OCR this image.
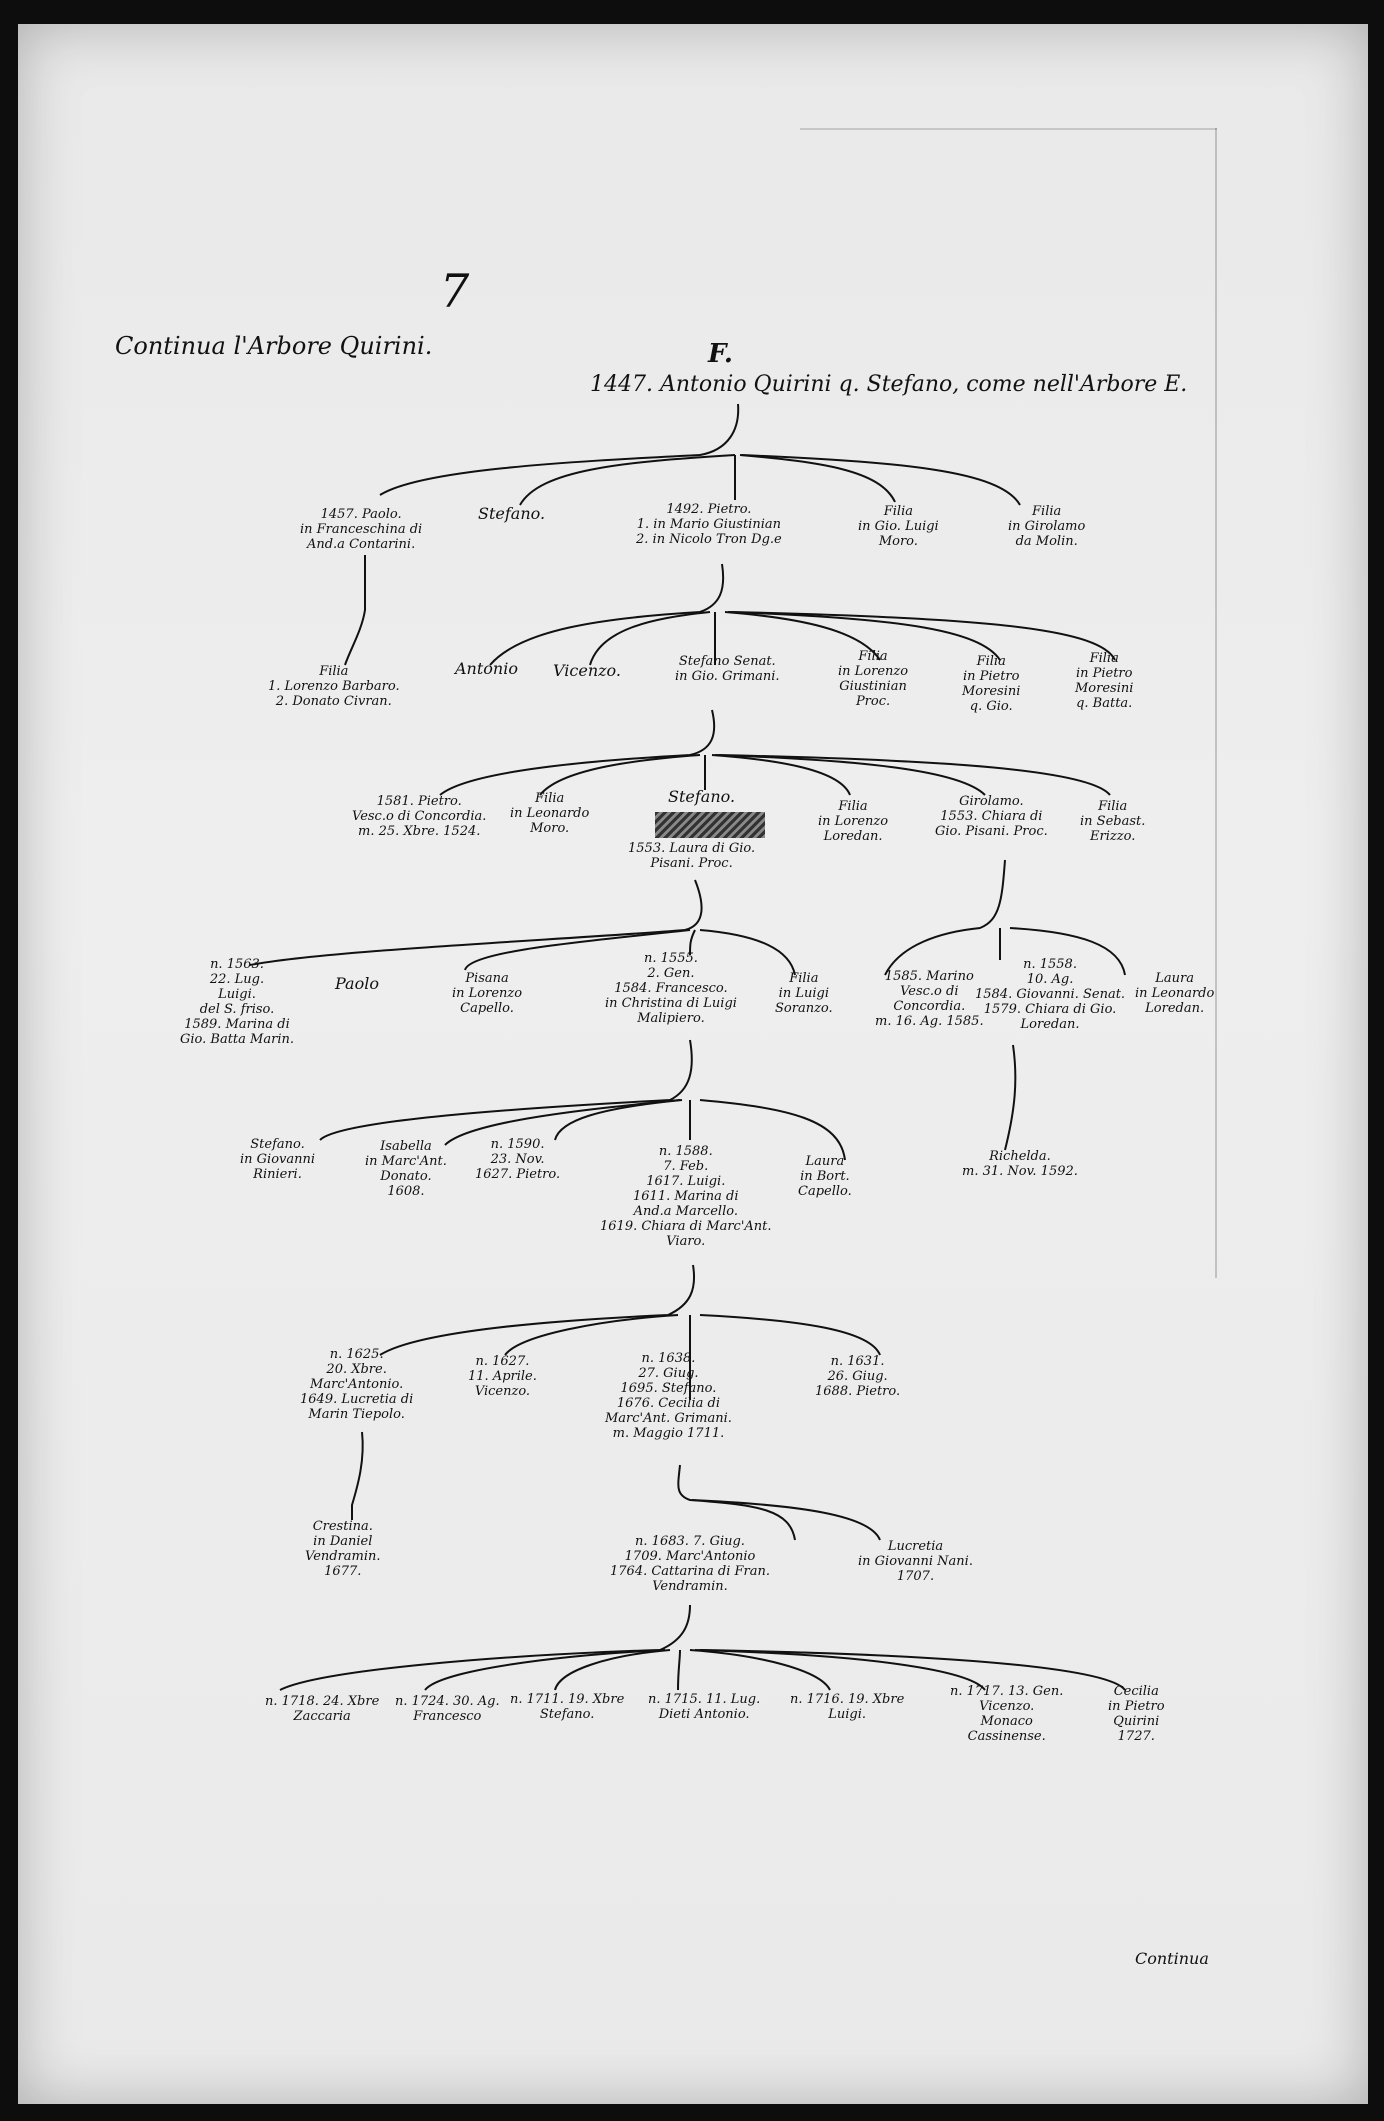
7
Continua l'Arbore Quirini.	F.
1447. Antonio Quirini q. Stefano, come nell'Arbore E.
1457. Paolo.
in Franceschina di
And.a Contarini.
Stefano.	1492. Pietro.
1. in Mario Giustinian
2. in Nicolo Tron Dg.e
Filia
in Gio. Luigi
Moro.
Filia
in Girolamo
da Molin.
Filia
1. Lorenzo Barbaro.
2. Donato Civran.
Antonio Vicenzo.	Stefano Senat.
in Gio. Grimani.
Filia
in Lorenzo
Giustinian
Proc.
Filia
in Pietro
Moresini
q. Gio.
Filia
in Pietro
Moresini
q. Batta.
1581. Pietro.
Vesc.o di Concordia.
m. 25. Xbre. 1524.
Filia
in Leonardo
Moro.
Stefano.
1553. Laura di Gio.
Pisani. Proc.
Filia
in Lorenzo
Loredan.
Girolamo.
1553. Chiara di
Gio. Pisani. Proc.
Filia
in Sebast.
Erizzo.
n. 1563.
22. Lug.
Luigi.
del S. friso.
1589. Marina di
Gio. Batta Marin.
Paolo	Pisana
in Lorenzo
Capello.
n. 1555.
2. Gen.
1584. Francesco.
in Christina di Luigi
Malipiero.
Filia
in Luigi
Soranzo.
1585. Marino
Vesc.o di
Concordia.
m. 16. Ag. 1585.
n. 1558.
10. Ag.
1584. Giovanni. Senat.
1579. Chiara di Gio.
Loredan.
Laura
in Leonardo
Loredan.
Stefano.
in Giovanni
Rinieri.
Isabella
in Marc'Ant.
Donato.
1608.
n. 1590.
23. Nov.
1627. Pietro.
n. 1588.
7. Feb.
1617. Luigi.
1611. Marina di
And.a Marcello.
1619. Chiara di Marc'Ant.
Viaro.
Laura
in Bort.
Capello.
Richelda.
m. 31. Nov. 1592.
n. 1625.
20. Xbre.
Marc'Antonio.
1649. Lucretia di
Marin Tiepolo.
n. 1627.
11. Aprile.
Vicenzo.
n. 1638.
27. Giug.
1695. Stefano.
1676. Cecilia di
Marc'Ant. Grimani.
m. Maggio 1711.
n. 1631.
26. Giug.
1688. Pietro.
Crestina.
in Daniel
Vendramin.
1677.
n. 1683. 7. Giug.
1709. Marc'Antonio
1764. Cattarina di Fran.
Vendramin.
Lucretia
in Giovanni Nani.
1707.
n. 1718. 24. Xbre
Zaccaria
n. 1724. 30. Ag.
Francesco
n. 1711. 19. Xbre
Stefano.
n. 1715. 11. Lug.
Dieti Antonio.
n. 1716. 19. Xbre
Luigi.
n. 1717. 13. Gen.
Vicenzo.
Monaco
Cassinense.
Cecilia
in Pietro
Quirini
1727.
Continua
